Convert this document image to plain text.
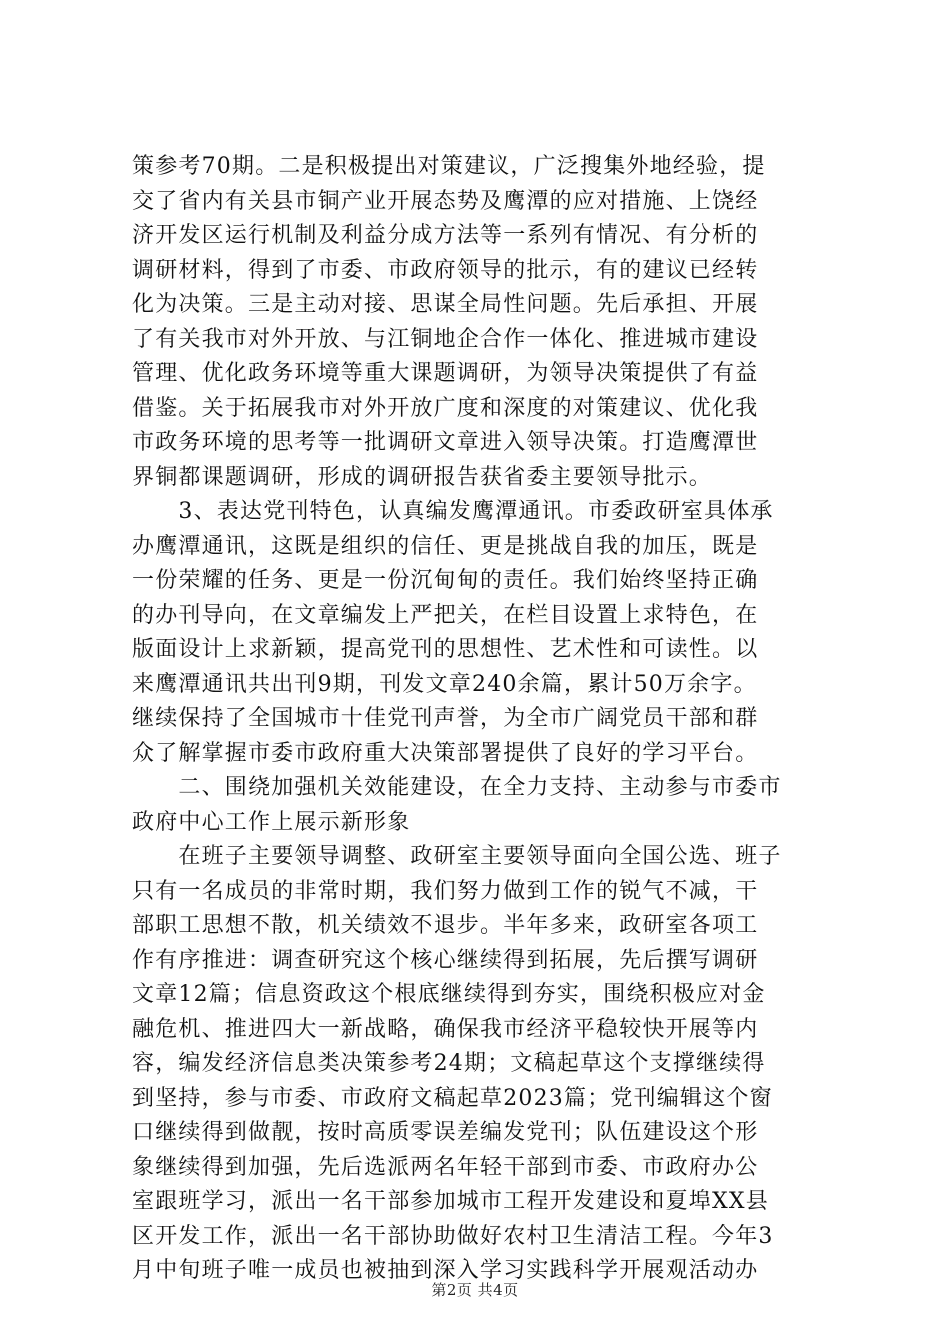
策参考70期。二是积极提出对策建议，广泛搜集外地经验，提
交了省内有关县市铜产业开展态势及鹰潭的应对措施、上饶经
济开发区运行机制及利益分成方法等一系列有情况、有分析的
调研材料，得到了市委、市政府领导的批示，有的建议已经转
化为决策。三是主动对接、思谋全局性问题。先后承担、开展
了有关我市对外开放、与江铜地企合作一体化、推进城市建设
管理、优化政务环境等重大课题调研，为领导决策提供了有益
借鉴。关于拓展我市对外开放广度和深度的对策建议、优化我
市政务环境的思考等一批调研文章进入领导决策。打造鹰潭世
界铜都课题调研，形成的调研报告获省委主要领导批示。
　　3、表达党刊特色，认真编发鹰潭通讯。市委政研室具体承
办鹰潭通讯，这既是组织的信任、更是挑战自我的加压，既是
一份荣耀的任务、更是一份沉甸甸的责任。我们始终坚持正确
的办刊导向，在文章编发上严把关，在栏目设置上求特色，在
版面设计上求新颖，提高党刊的思想性、艺术性和可读性。以
来鹰潭通讯共出刊9期，刊发文章240余篇，累计50万余字。
继续保持了全国城市十佳党刊声誉，为全市广阔党员干部和群
众了解掌握市委市政府重大决策部署提供了良好的学习平台。
　　二、围绕加强机关效能建设，在全力支持、主动参与市委市
政府中心工作上展示新形象
　　在班子主要领导调整、政研室主要领导面向全国公选、班子
只有一名成员的非常时期，我们努力做到工作的锐气不减，干
部职工思想不散，机关绩效不退步。半年多来，政研室各项工
作有序推进：调查研究这个核心继续得到拓展，先后撰写调研
文章12篇；信息资政这个根底继续得到夯实，围绕积极应对金
融危机、推进四大一新战略，确保我市经济平稳较快开展等内
容，编发经济信息类决策参考24期；文稿起草这个支撑继续得
到坚持，参与市委、市政府文稿起草2023篇；党刊编辑这个窗
口继续得到做靓，按时高质零误差编发党刊；队伍建设这个形
象继续得到加强，先后选派两名年轻干部到市委、市政府办公
室跟班学习，派出一名干部参加城市工程开发建设和夏埠XX县
区开发工作，派出一名干部协助做好农村卫生清洁工程。今年3
月中旬班子唯一成员也被抽到深入学习实践科学开展观活动办
第2页 共4页
